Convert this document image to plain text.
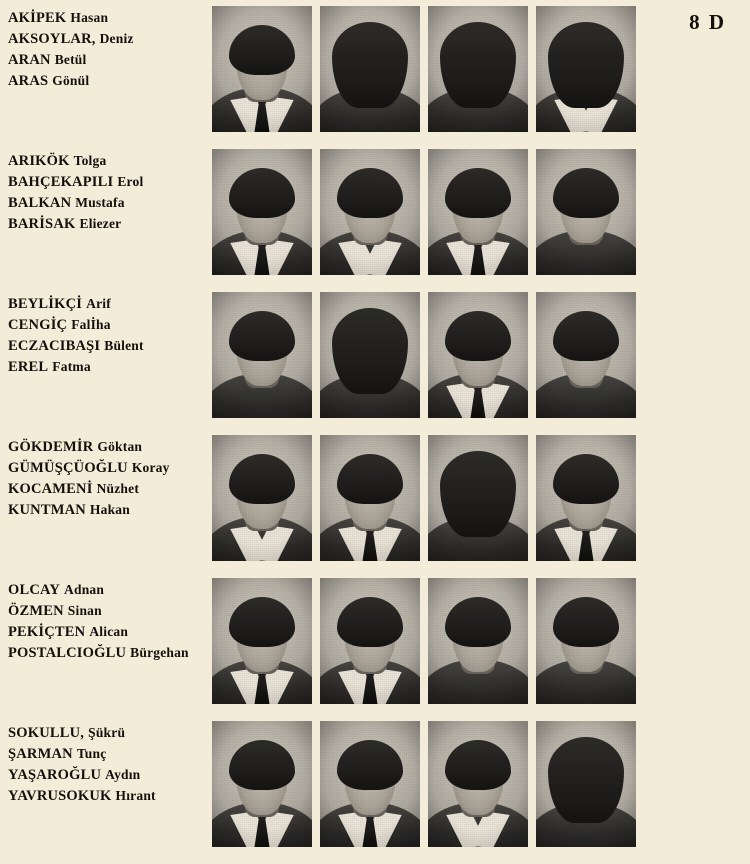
8 D
AKİPEK Hasan
AKSOYLAR, Deniz
ARAN Betül
ARAS Gönül
ARIKÖK Tolga
BAHÇEKAPILI Erol
BALKAN Mustafa
BARİSAK Eliezer
BEYLİKÇİ Arif
CENGİÇ Falİha
ECZACIBAŞI Bülent
EREL Fatma
GÖKDEMİR Göktan
GÜMÜŞÇÜOĞLU Koray
KOCAMENİ Nüzhet
KUNTMAN Hakan
OLCAY Adnan
ÖZMEN Sinan
PEKİÇTEN Alican
POSTALCIOĞLU Bürgehan
SOKULLU, Şükrü
ŞARMAN Tunç
YAŞAROĞLU Aydın
YAVRUSOKUK Hırant
